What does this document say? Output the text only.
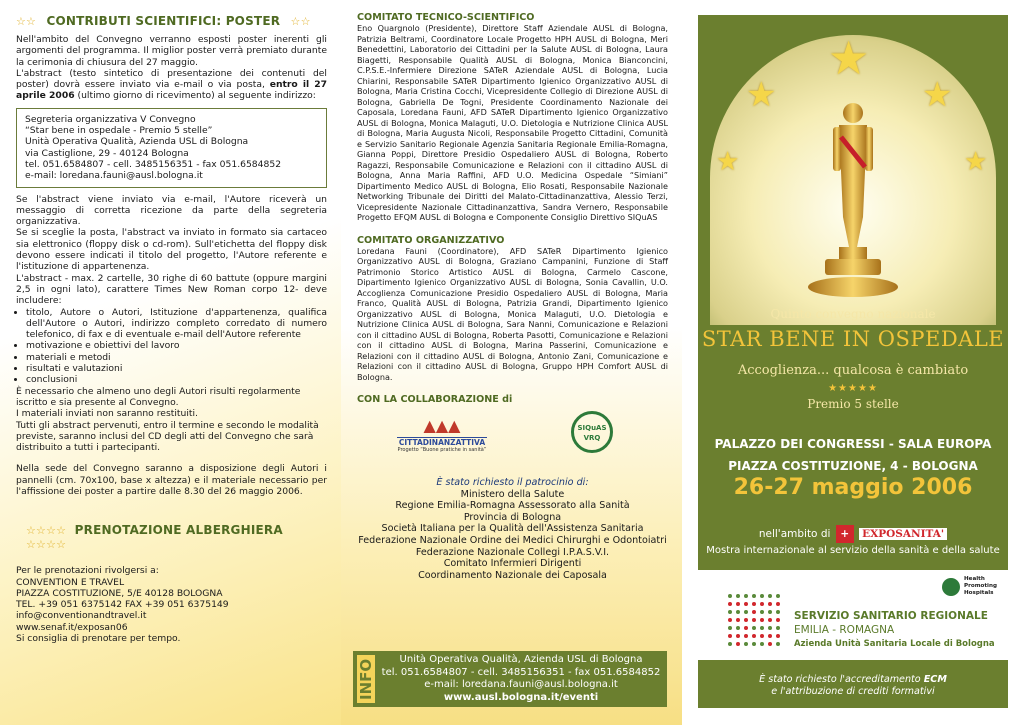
☆☆ CONTRIBUTI SCIENTIFICI: POSTER ☆☆

Nell'ambito del Convegno verranno esposti poster inerenti gli argomenti del programma. Il miglior poster verrà premiato durante la cerimonia di chiusura del 27 maggio.

L'abstract (testo sintetico di presentazione dei contenuti del poster) dovrà essere inviato via e-mail o via posta, entro il 27 aprile 2006 (ultimo giorno di ricevimento) al seguente indirizzo:

Segreteria organizzativa V Convegno
“Star bene in ospedale - Premio 5 stelle”
Unità Operativa Qualità, Azienda USL di Bologna
via Castiglione, 29 - 40124 Bologna
tel. 051.6584807 - cell. 3485156351 - fax 051.6584852
e-mail: loredana.fauni@ausl.bologna.it

Se l'abstract viene inviato via e-mail, l'Autore riceverà un messaggio di corretta ricezione da parte della segreteria organizzativa.

Se si sceglie la posta, l'abstract va inviato in formato sia cartaceo sia elettronico (floppy disk o cd-rom). Sull'etichetta del floppy disk devono essere indicati il titolo del progetto, l'Autore referente e l'istituzione di appartenenza.

L'abstract - max. 2 cartelle, 30 righe di 60 battute (oppure margini 2,5 in ogni lato), carattere Times New Roman corpo 12- deve includere:

• titolo, Autore o Autori, Istituzione d'appartenenza, qualifica dell'Autore o Autori, indirizzo completo corredato di numero telefonico, di fax e di eventuale e-mail dell'Autore referente
• motivazione e obiettivi del lavoro
• materiali e metodi
• risultati e valutazioni
• conclusioni

È necessario che almeno uno degli Autori risulti regolarmente iscritto e sia presente al Convegno.

I materiali inviati non saranno restituiti.

Tutti gli abstract pervenuti, entro il termine e secondo le modalità previste, saranno inclusi del CD degli atti del Convegno che sarà distribuito a tutti i partecipanti.

Nella sede del Convegno saranno a disposizione degli Autori i pannelli (cm. 70x100, base x altezza) e il materiale necessario per l'affissione dei poster a partire dalle 8.30 del 26 maggio 2006.

☆☆☆☆ PRENOTAZIONE ALBERGHIERA ☆☆☆☆
Per le prenotazioni rivolgersi a:
CONVENTION E TRAVEL
PIAZZA COSTITUZIONE, 5/E 40128 BOLOGNA
TEL. +39 051 6375142 FAX +39 051 6375149
info@conventionandtravel.it
www.senaf.it/exposan06
Si consiglia di prenotare per tempo.
COMITATO TECNICO-SCIENTIFICO

Eno Quargnolo (Presidente), Direttore Staff Aziendale AUSL di Bologna, Patrizia Beltrami, Coordinatore Locale Progetto HPH AUSL di Bologna, Meri Benedettini, Laboratorio dei Cittadini per la Salute AUSL di Bologna, Laura Biagetti, Responsabile Qualità AUSL di Bologna, Monica Bianconcini, C.P.S.E.-Infermiere Direzione SATeR Aziendale AUSL di Bologna, Lucia Chiarini, Responsabile SATeR Dipartimento Igienico Organizzativo AUSL di Bologna, Maria Cristina Cocchi, Vicepresidente Collegio di Direzione AUSL di Bologna, Gabriella De Togni, Presidente Coordinamento Nazionale dei Caposala, Loredana Fauni, AFD SATeR Dipartimento Igienico Organizzativo AUSL di Bologna, Monica Malaguti, U.O. Dietologia e Nutrizione Clinica AUSL di Bologna, Maria Augusta Nicoli, Responsabile Progetto Cittadini, Comunità e Servizio Sanitario Regionale Agenzia Sanitaria Regionale Emilia-Romagna, Gianna Poppi, Direttore Presidio Ospedaliero AUSL di Bologna, Roberto Ragazzi, Responsabile Comunicazione e Relazioni con il cittadino AUSL di Bologna, Anna Maria Raffini, AFD U.O. Medicina Ospedale “Simiani” Dipartimento Medico AUSL di Bologna, Elio Rosati, Responsabile Nazionale Networking Tribunale dei Diritti del Malato-Cittadinanzattiva, Alessio Terzi, Vicepresidente Nazionale Cittadinanzattiva, Sandra Vernero, Responsabile Progetto EFQM AUSL di Bologna e Componente Consiglio Direttivo SIQuAS

COMITATO ORGANIZZATIVO

Loredana Fauni (Coordinatore), AFD SATeR Dipartimento Igienico Organizzativo AUSL di Bologna, Graziano Campanini, Funzione di Staff Patrimonio Storico Artistico AUSL di Bologna, Carmelo Cascone, Dipartimento Igienico Organizzativo AUSL di Bologna, Sonia Cavallin, U.O. Accoglienza Comunicazione Presidio Ospedaliero AUSL di Bologna, Maria Franco, Qualità AUSL di Bologna, Patrizia Grandi, Dipartimento Igienico Organizzativo AUSL di Bologna, Monica Malaguti, U.O. Dietologia e Nutrizione Clinica AUSL di Bologna, Sara Nanni, Comunicazione e Relazioni con il cittadino AUSL di Bologna, Roberta Pasotti, Comunicazione e Relazioni con il cittadino AUSL di Bologna, Marina Passerini, Comunicazione e Relazioni con il cittadino AUSL di Bologna, Antonio Zani, Comunicazione e Relazioni con il cittadino AUSL di Bologna, Gruppo HPH Comfort AUSL di Bologna.

CON LA COLLABORAZIONE di
▲▲▲
CITTADINANZATTIVA
Progetto “Buone pratiche in sanità”
SIQuAS VRQ
È stato richiesto il patrocinio di:
Ministero della Salute
Regione Emilia-Romagna Assessorato alla Sanità
Provincia di Bologna
Società Italiana per la Qualità dell'Assistenza Sanitaria
Federazione Nazionale Ordine dei Medici Chirurghi e Odontoiatri
Federazione Nazionale Collegi I.P.A.S.V.I.
Comitato Infermieri Dirigenti
Coordinamento Nazionale dei Caposala
INFO	Unità Operativa Qualità, Azienda USL di Bologna
tel. 051.6584807 - cell. 3485156351 - fax 051.6584852
e-mail: loredana.fauni@ausl.bologna.it
www.ausl.bologna.it/eventi
★
★	★
★	★
Quinto convegno nazionale
STAR BENE IN OSPEDALE
Accoglienza... qualcosa è cambiato
★★★★★
Premio 5 stelle
PALAZZO DEI CONGRESSI - SALA EUROPA
PIAZZA COSTITUZIONE, 4 - BOLOGNA
26-27 maggio 2006
nell'ambito di + EXPOSANITA'
Mostra internazionale al servizio della sanità e della salute
Health
Promoting
Hospitals
SERVIZIO SANITARIO REGIONALE
EMILIA - ROMAGNA
Azienda Unità Sanitaria Locale di Bologna
È stato richiesto l'accreditamento ECM
e l'attribuzione di crediti formativi
